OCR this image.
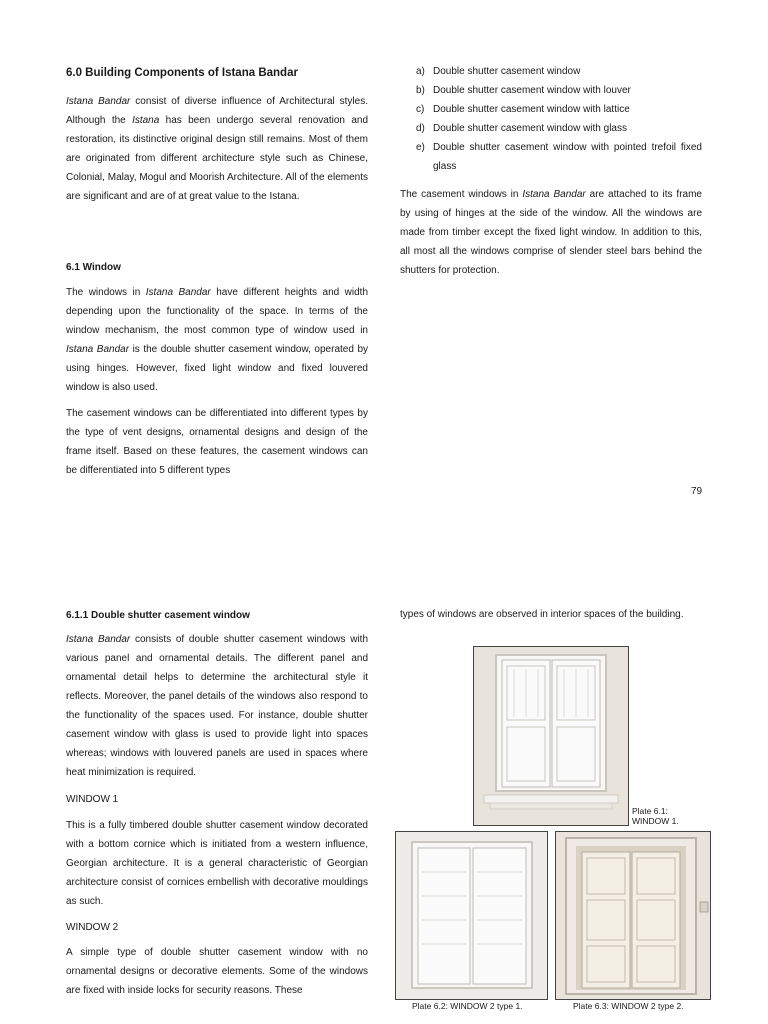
6.0 Building Components of Istana Bandar
Istana Bandar consist of diverse influence of Architectural styles. Although the Istana has been undergo several renovation and restoration, its distinctive original design still remains. Most of them are originated from different architecture style such as Chinese, Colonial, Malay, Mogul and Moorish Architecture. All of the elements are significant and are of at great value to the Istana.
6.1 Window
The windows in Istana Bandar have different heights and width depending upon the functionality of the space. In terms of the window mechanism, the most common type of window used in Istana Bandar is the double shutter casement window, operated by using hinges. However, fixed light window and fixed louvered window is also used.
The casement windows can be differentiated into different types by the type of vent designs, ornamental designs and design of the frame itself. Based on these features, the casement windows can be differentiated into 5 different types
a) Double shutter casement window
b) Double shutter casement window with louver
c) Double shutter casement window with lattice
d) Double shutter casement window with glass
e) Double shutter casement window with pointed trefoil fixed glass
The casement windows in Istana Bandar are attached to its frame by using of hinges at the side of the window. All the windows are made from timber except the fixed light window. In addition to this, all most all the windows comprise of slender steel bars behind the shutters for protection.
79
6.1.1 Double shutter casement window
Istana Bandar consists of double shutter casement windows with various panel and ornamental details. The different panel and ornamental detail helps to determine the architectural style it reflects. Moreover, the panel details of the windows also respond to the functionality of the spaces used. For instance, double shutter casement window with glass is used to provide light into spaces whereas; windows with louvered panels are used in spaces where heat minimization is required.
WINDOW 1
This is a fully timbered double shutter casement window decorated with a bottom cornice which is initiated from a western influence, Georgian architecture. It is a general characteristic of Georgian architecture consist of cornices embellish with decorative mouldings as such.
WINDOW 2
A simple type of double shutter casement window with no ornamental designs or decorative elements. Some of the windows are fixed with inside locks for security reasons. These
types of windows are observed in interior spaces of the building.
Plate 6.1:
WINDOW 1.
Plate 6.2: WINDOW 2 type 1.	Plate 6.3: WINDOW 2 type 2.
